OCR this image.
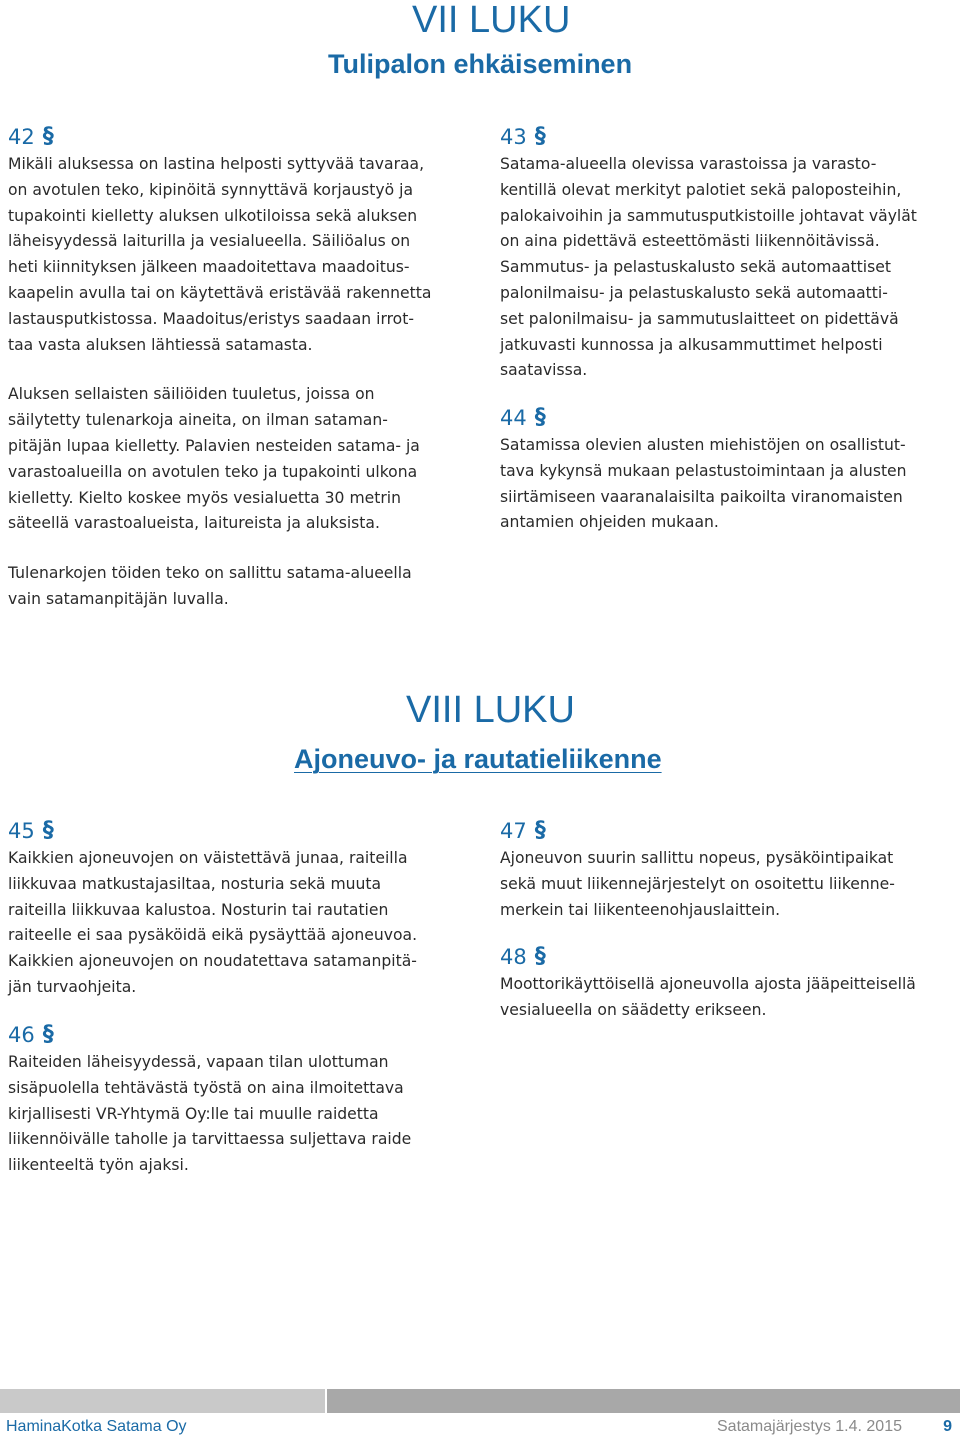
VII LUKU
Tulipalon ehkäiseminen
42 §

Mikäli aluksessa on lastina helposti syttyvää tavaraa,
on avotulen teko, kipinöitä synnyttävä korjaustyö ja
tupakointi kielletty aluksen ulkotiloissa sekä aluksen
läheisyydessä laiturilla ja vesialueella. Säiliöalus on
heti kiinnityksen jälkeen maadoitettava maadoitus-
kaapelin avulla tai on käytettävä eristävää rakennetta
lastausputkistossa. Maadoitus/eristys saadaan irrot-
taa vasta aluksen lähtiessä satamasta.

Aluksen sellaisten säiliöiden tuuletus, joissa on
säilytetty tulenarkoja aineita, on ilman sataman-
pitäjän lupaa kielletty. Palavien nesteiden satama- ja
varastoalueilla on avotulen teko ja tupakointi ulkona
kielletty. Kielto koskee myös vesialuetta 30 metrin
säteellä varastoalueista, laitureista ja aluksista.

Tulenarkojen töiden teko on sallittu satama-alueella
vain satamanpitäjän luvalla.

43 §

Satama-alueella olevissa varastoissa ja varasto-
kentillä olevat merkityt palotiet sekä paloposteihin,
palokaivoihin ja sammutusputkistoille johtavat väylät
on aina pidettävä esteettömästi liikennöitävissä.
Sammutus- ja pelastuskalusto sekä automaattiset
palonilmaisu- ja pelastuskalusto sekä automaatti-
set palonilmaisu- ja sammutuslaitteet on pidettävä
jatkuvasti kunnossa ja alkusammuttimet helposti
saatavissa.

44 §

Satamissa olevien alusten miehistöjen on osallistut-
tava kykynsä mukaan pelastustoimintaan ja alusten
siirtämiseen vaaranalaisilta paikoilta viranomaisten
antamien ohjeiden mukaan.

VIII LUKU
Ajoneuvo- ja rautatieliikenne
45 §

Kaikkien ajoneuvojen on väistettävä junaa, raiteilla
liikkuvaa matkustajasiltaa, nosturia sekä muuta
raiteilla liikkuvaa kalustoa. Nosturin tai rautatien
raiteelle ei saa pysäköidä eikä pysäyttää ajoneuvoa.
Kaikkien ajoneuvojen on noudatettava satamanpitä-
jän turvaohjeita.

46 §

Raiteiden läheisyydessä, vapaan tilan ulottuman
sisäpuolella tehtävästä työstä on aina ilmoitettava
kirjallisesti VR-Yhtymä Oy:lle tai muulle raidetta
liikennöivälle taholle ja tarvittaessa suljettava raide
liikenteeltä työn ajaksi.

47 §

Ajoneuvon suurin sallittu nopeus, pysäköintipaikat
sekä muut liikennejärjestelyt on osoitettu liikenne-
merkein tai liikenteenohjauslaittein.

48 §

Moottorikäyttöisellä ajoneuvolla ajosta jääpeitteisellä
vesialueella on säädetty erikseen.

HaminaKotka Satama Oy	Satamajärjestys 1.4. 2015	9
